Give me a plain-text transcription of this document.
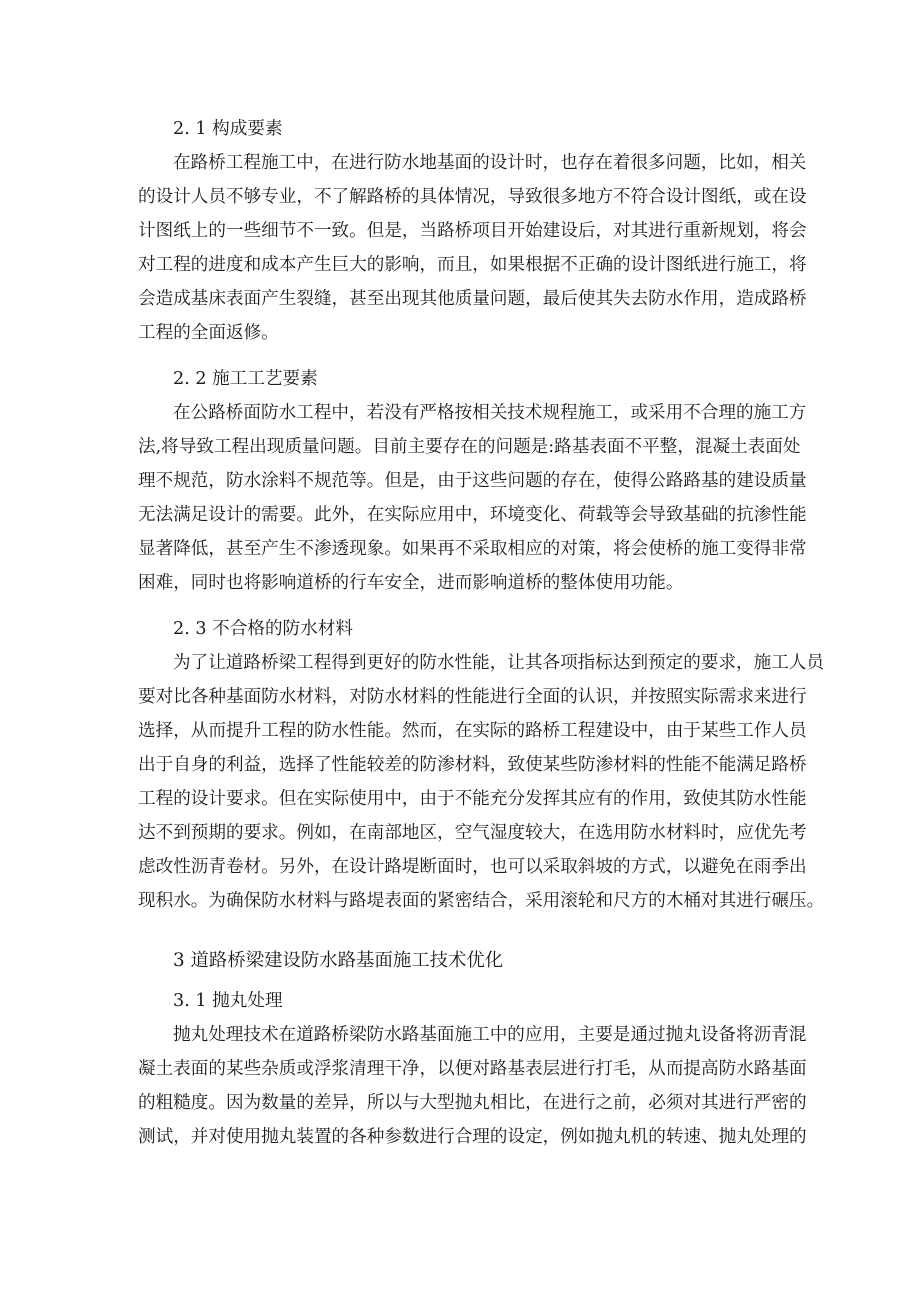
2. 1 构成要素
在路桥工程施工中，在进行防水地基面的设计时，也存在着很多问题，比如，相关
的设计人员不够专业，不了解路桥的具体情况，导致很多地方不符合设计图纸，或在设
计图纸上的一些细节不一致。但是，当路桥项目开始建设后，对其进行重新规划，将会
对工程的进度和成本产生巨大的影响，而且，如果根据不正确的设计图纸进行施工，将
会造成基床表面产生裂缝，甚至出现其他质量问题，最后使其失去防水作用，造成路桥
工程的全面返修。
2. 2 施工工艺要素
在公路桥面防水工程中，若没有严格按相关技术规程施工，或采用不合理的施工方
法,将导致工程出现质量问题。目前主要存在的问题是:路基表面不平整，混凝土表面处
理不规范，防水涂料不规范等。但是，由于这些问题的存在，使得公路路基的建设质量
无法满足设计的需要。此外，在实际应用中，环境变化、荷载等会导致基础的抗渗性能
显著降低，甚至产生不渗透现象。如果再不采取相应的对策，将会使桥的施工变得非常
困难，同时也将影响道桥的行车安全，进而影响道桥的整体使用功能。
2. 3 不合格的防水材料
为了让道路桥梁工程得到更好的防水性能，让其各项指标达到预定的要求，施工人员
要对比各种基面防水材料，对防水材料的性能进行全面的认识，并按照实际需求来进行
选择，从而提升工程的防水性能。然而，在实际的路桥工程建设中，由于某些工作人员
出于自身的利益，选择了性能较差的防渗材料，致使某些防渗材料的性能不能满足路桥
工程的设计要求。但在实际使用中，由于不能充分发挥其应有的作用，致使其防水性能
达不到预期的要求。例如，在南部地区，空气湿度较大，在选用防水材料时，应优先考
虑改性沥青卷材。另外，在设计路堤断面时，也可以采取斜坡的方式，以避免在雨季出
现积水。为确保防水材料与路堤表面的紧密结合，采用滚轮和尺方的木桶对其进行碾压。
3 道路桥梁建设防水路基面施工技术优化
3. 1 抛丸处理
抛丸处理技术在道路桥梁防水路基面施工中的应用，主要是通过抛丸设备将沥青混
凝土表面的某些杂质或浮浆清理干净，以便对路基表层进行打毛，从而提高防水路基面
的粗糙度。因为数量的差异，所以与大型抛丸相比，在进行之前，必须对其进行严密的
测试，并对使用抛丸装置的各种参数进行合理的设定，例如抛丸机的转速、抛丸处理的
